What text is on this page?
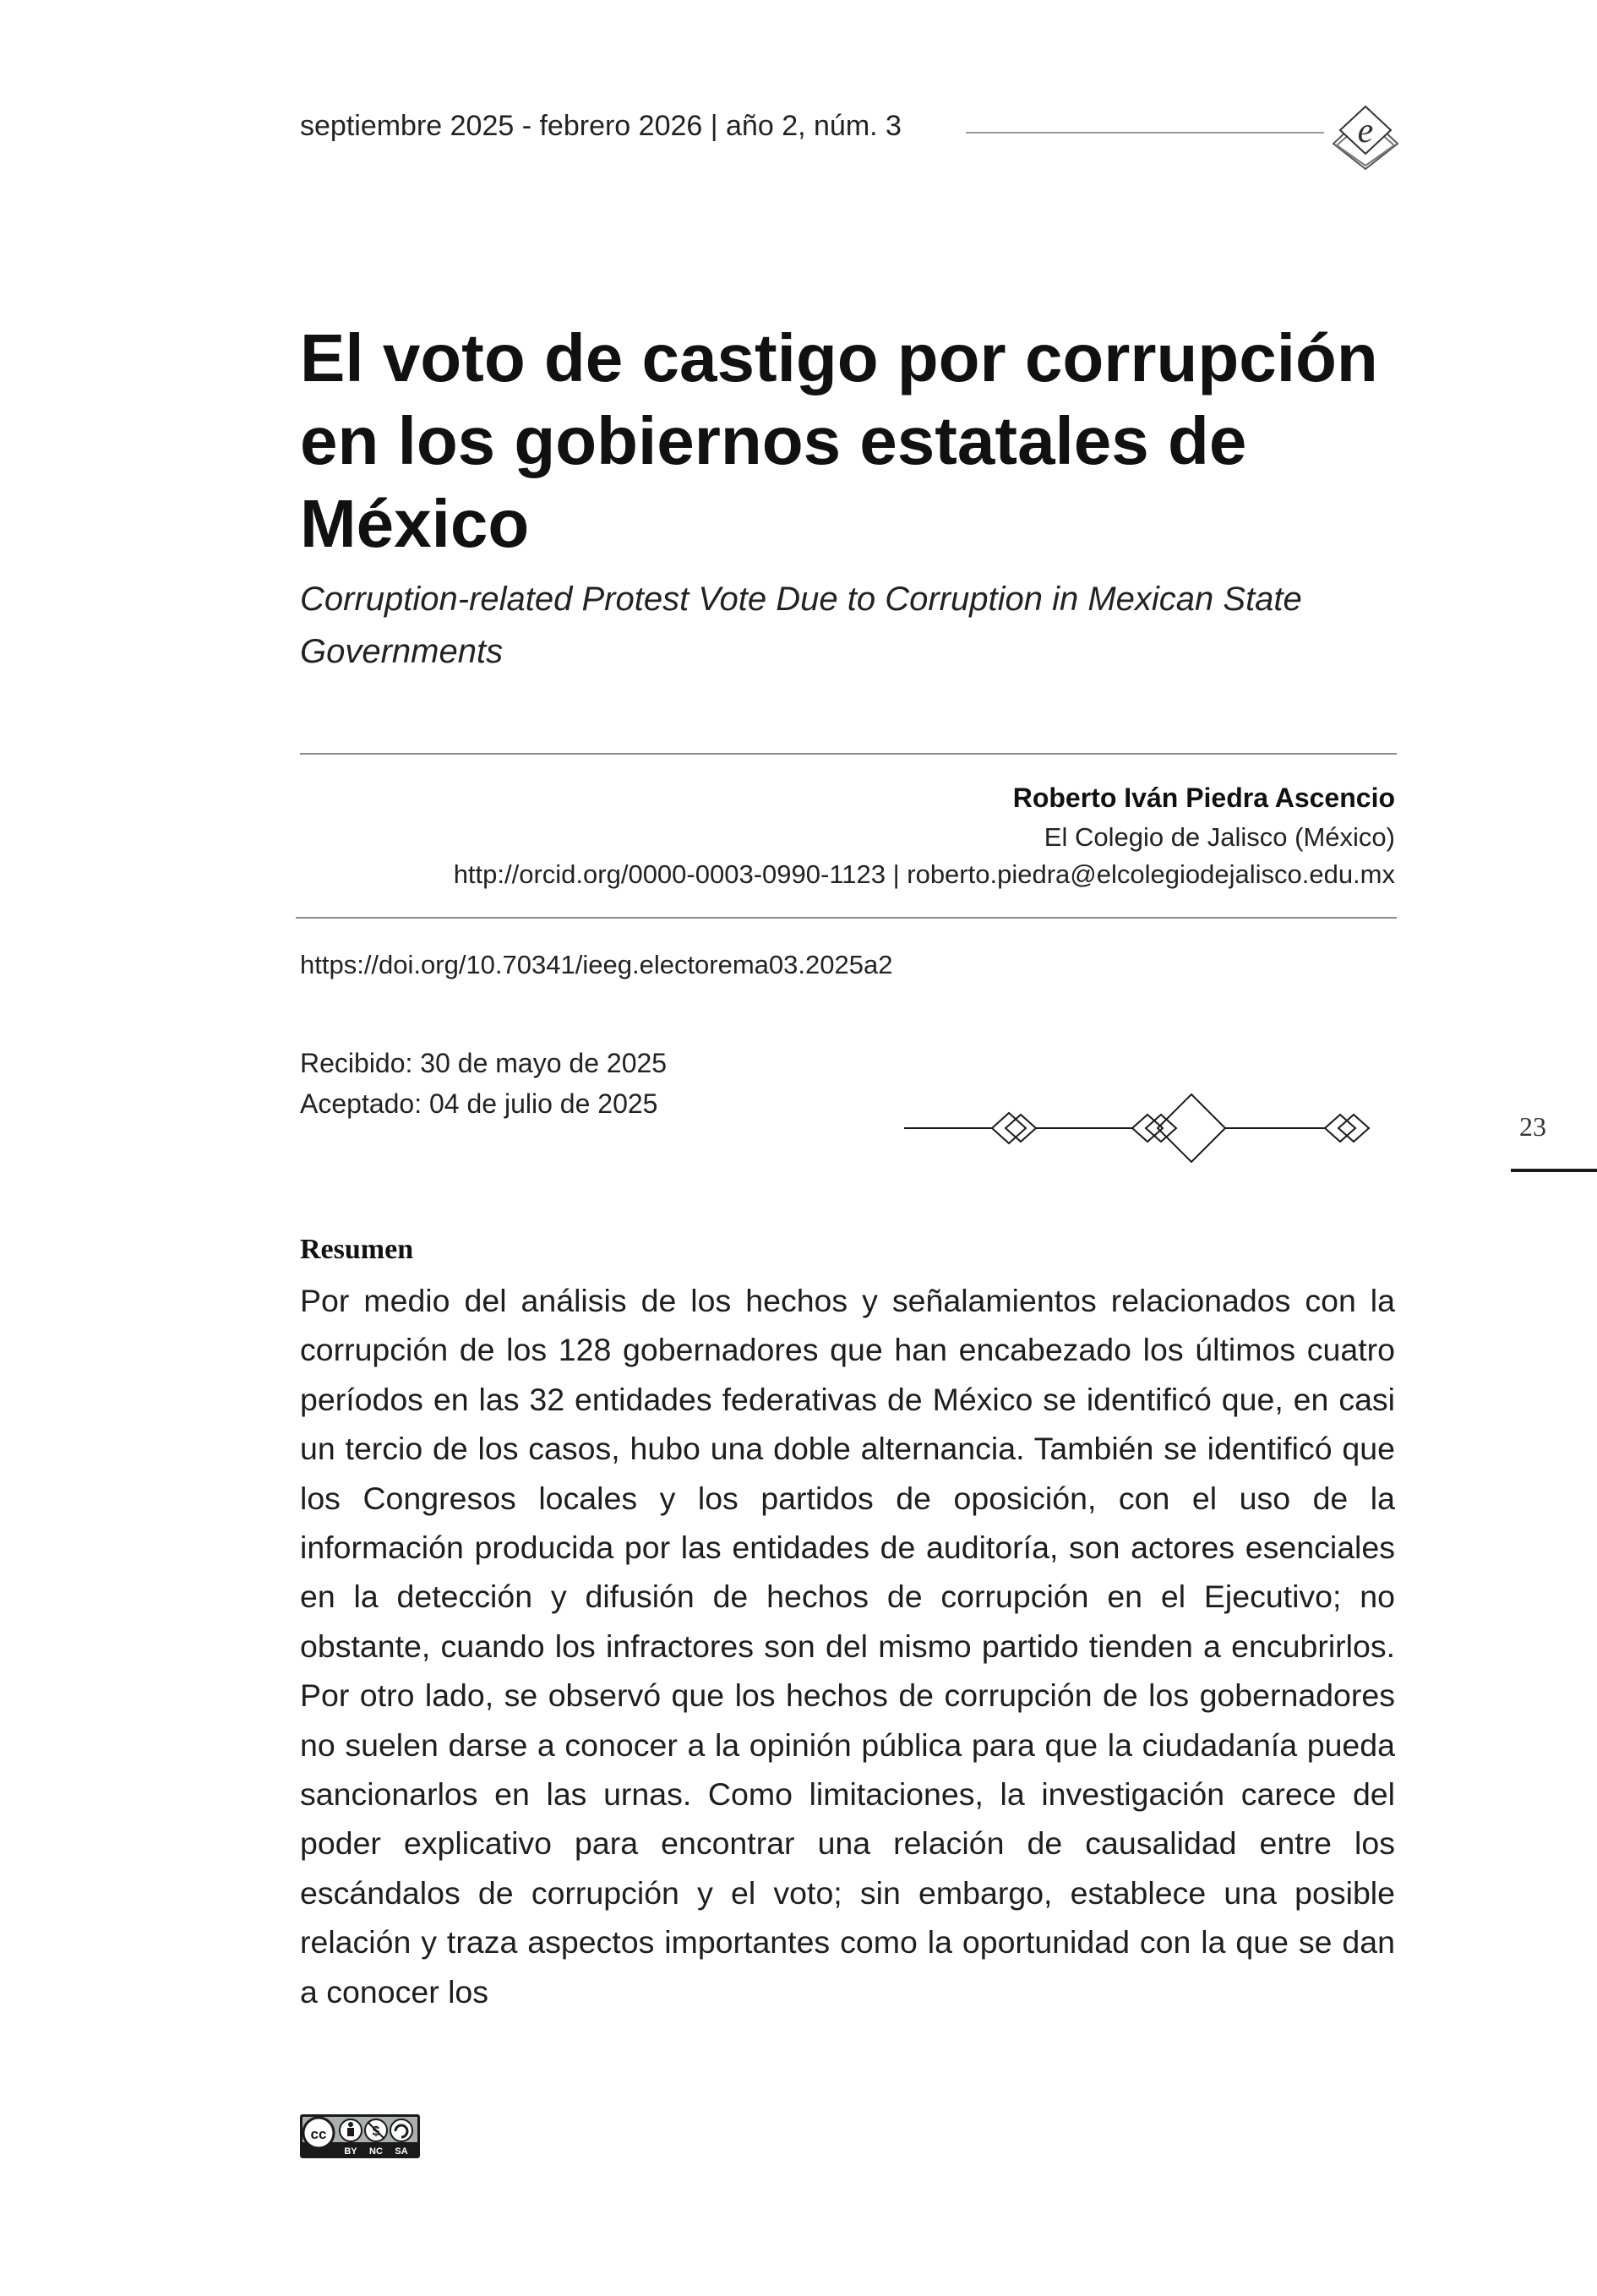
septiembre 2025 - febrero 2026 | año 2, núm. 3	e
El voto de castigo por corrupción en los gobiernos estatales de México

Corruption-related Protest Vote Due to Corruption in Mexican State Governments

Roberto Iván Piedra Ascencio
El Colegio de Jalisco (México)
http://orcid.org/0000-0003-0990-1123 | roberto.piedra@elcolegiodejalisco.edu.mx
https://doi.org/10.70341/ieeg.electorema03.2025a2
Recibido: 30 de mayo de 2025
Aceptado: 04 de julio de 2025
23
Resumen

Por medio del análisis de los hechos y señalamientos relacionados con la corrupción de los 128 gobernadores que han encabezado los últimos cuatro períodos en las 32 entidades federativas de México se identificó que, en casi un tercio de los casos, hubo una doble alternancia. También se identificó que los Congresos locales y los partidos de oposición, con el uso de la información producida por las entidades de auditoría, son actores esenciales en la detección y difusión de hechos de corrupción en el Ejecutivo; no obstante, cuando los infractores son del mismo partido tienden a encubrirlos. Por otro lado, se observó que los hechos de corrupción de los gobernadores no suelen darse a conocer a la opinión pública para que la ciudadanía pueda sancionarlos en las urnas. Como limitaciones, la investigación carece del poder explicativo para encontrar una relación de causalidad entre los escándalos de corrupción y el voto; sin embargo, establece una posible relación y traza aspectos importantes como la oportunidad con la que se dan a conocer los

cc	$
BY NC SA
